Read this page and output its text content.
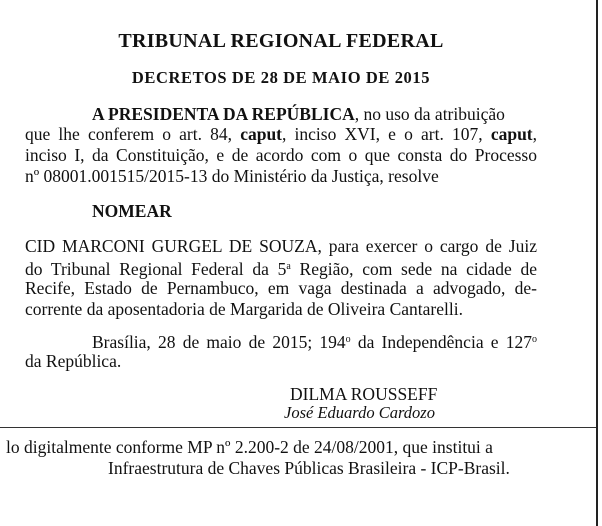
TRIBUNAL REGIONAL FEDERAL
DECRETOS DE 28 DE MAIO DE 2015
A PRESIDENTA DA REPÚBLICA, no uso da atribuição
que lhe conferem o art. 84, caput, inciso XVI, e o art. 107, caput,
inciso I, da Constituição, e de acordo com o que consta do Processo
nº 08001.001515/2015-13 do Ministério da Justiça, resolve
NOMEAR
CID MARCONI GURGEL DE SOUZA, para exercer o cargo de Juiz
do Tribunal Regional Federal da 5$^a$ Região, com sede na cidade de
Recife, Estado de Pernambuco, em vaga destinada a advogado, de-
corrente da aposentadoria de Margarida de Oliveira Cantarelli.
Brasília, 28 de maio de 2015; 194$^o$ da Independência e 127$^o$
da República.
DILMA ROUSSEFF
José Eduardo Cardozo
lo digitalmente conforme MP nº 2.200-2 de 24/08/2001, que institui a
Infraestrutura de Chaves Públicas Brasileira - ICP-Brasil.
